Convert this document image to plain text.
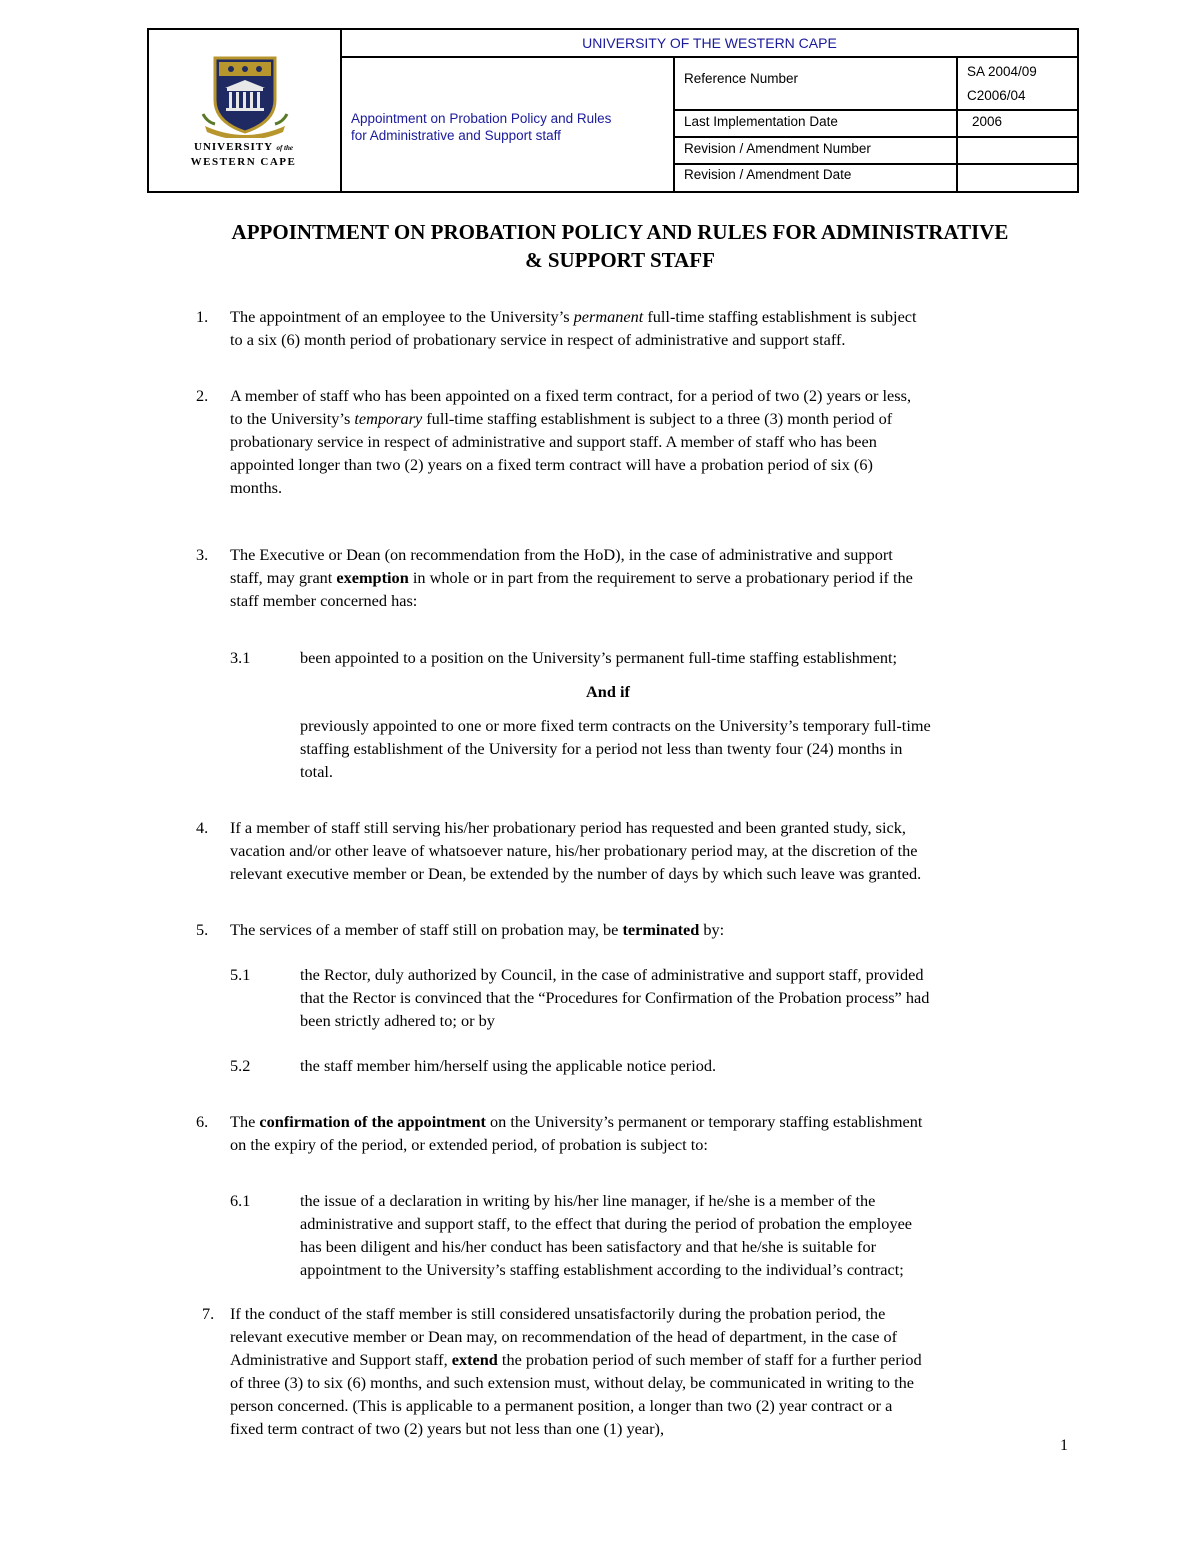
UNIVERSITY of the
WESTERN CAPE
UNIVERSITY OF THE WESTERN CAPE
Appointment on Probation Policy and Rules
for Administrative and Support staff
Reference Number	SA 2004/09
C2006/04
Last Implementation Date	2006
Revision / Amendment Number
Revision / Amendment Date
APPOINTMENT ON PROBATION POLICY AND RULES FOR ADMINISTRATIVE
& SUPPORT STAFF
1. The appointment of an employee to the University’s permanent full-time staffing establishment is subject
to a six (6) month period of probationary service in respect of administrative and support staff.
2. A member of staff who has been appointed on a fixed term contract, for a period of two (2) years or less,
to the University’s temporary full-time staffing establishment is subject to a three (3) month period of
probationary service in respect of administrative and support staff. A member of staff who has been
appointed longer than two (2) years on a fixed term contract will have a probation period of six (6)
months.
3. The Executive or Dean (on recommendation from the HoD), in the case of administrative and support
staff, may grant exemption in whole or in part from the requirement to serve a probationary period if the
staff member concerned has:
3.1	been appointed to a position on the University’s permanent full-time staffing establishment;
And if
previously appointed to one or more fixed term contracts on the University’s temporary full-time
staffing establishment of the University for a period not less than twenty four (24) months in
total.
4. If a member of staff still serving his/her probationary period has requested and been granted study, sick,
vacation and/or other leave of whatsoever nature, his/her probationary period may, at the discretion of the
relevant executive member or Dean, be extended by the number of days by which such leave was granted.
5. The services of a member of staff still on probation may, be terminated by:
5.1	the Rector, duly authorized by Council, in the case of administrative and support staff, provided
that the Rector is convinced that the “Procedures for Confirmation of the Probation process” had
been strictly adhered to; or by
5.2	the staff member him/herself using the applicable notice period.
6. The confirmation of the appointment on the University’s permanent or temporary staffing establishment
on the expiry of the period, or extended period, of probation is subject to:
6.1	the issue of a declaration in writing by his/her line manager, if he/she is a member of the
administrative and support staff, to the effect that during the period of probation the employee
has been diligent and his/her conduct has been satisfactory and that he/she is suitable for
appointment to the University’s staffing establishment according to the individual’s contract;
7. If the conduct of the staff member is still considered unsatisfactorily during the probation period, the
relevant executive member or Dean may, on recommendation of the head of department, in the case of
Administrative and Support staff, extend the probation period of such member of staff for a further period
of three (3) to six (6) months, and such extension must, without delay, be communicated in writing to the
person concerned. (This is applicable to a permanent position, a longer than two (2) year contract or a
fixed term contract of two (2) years but not less than one (1) year),
1
